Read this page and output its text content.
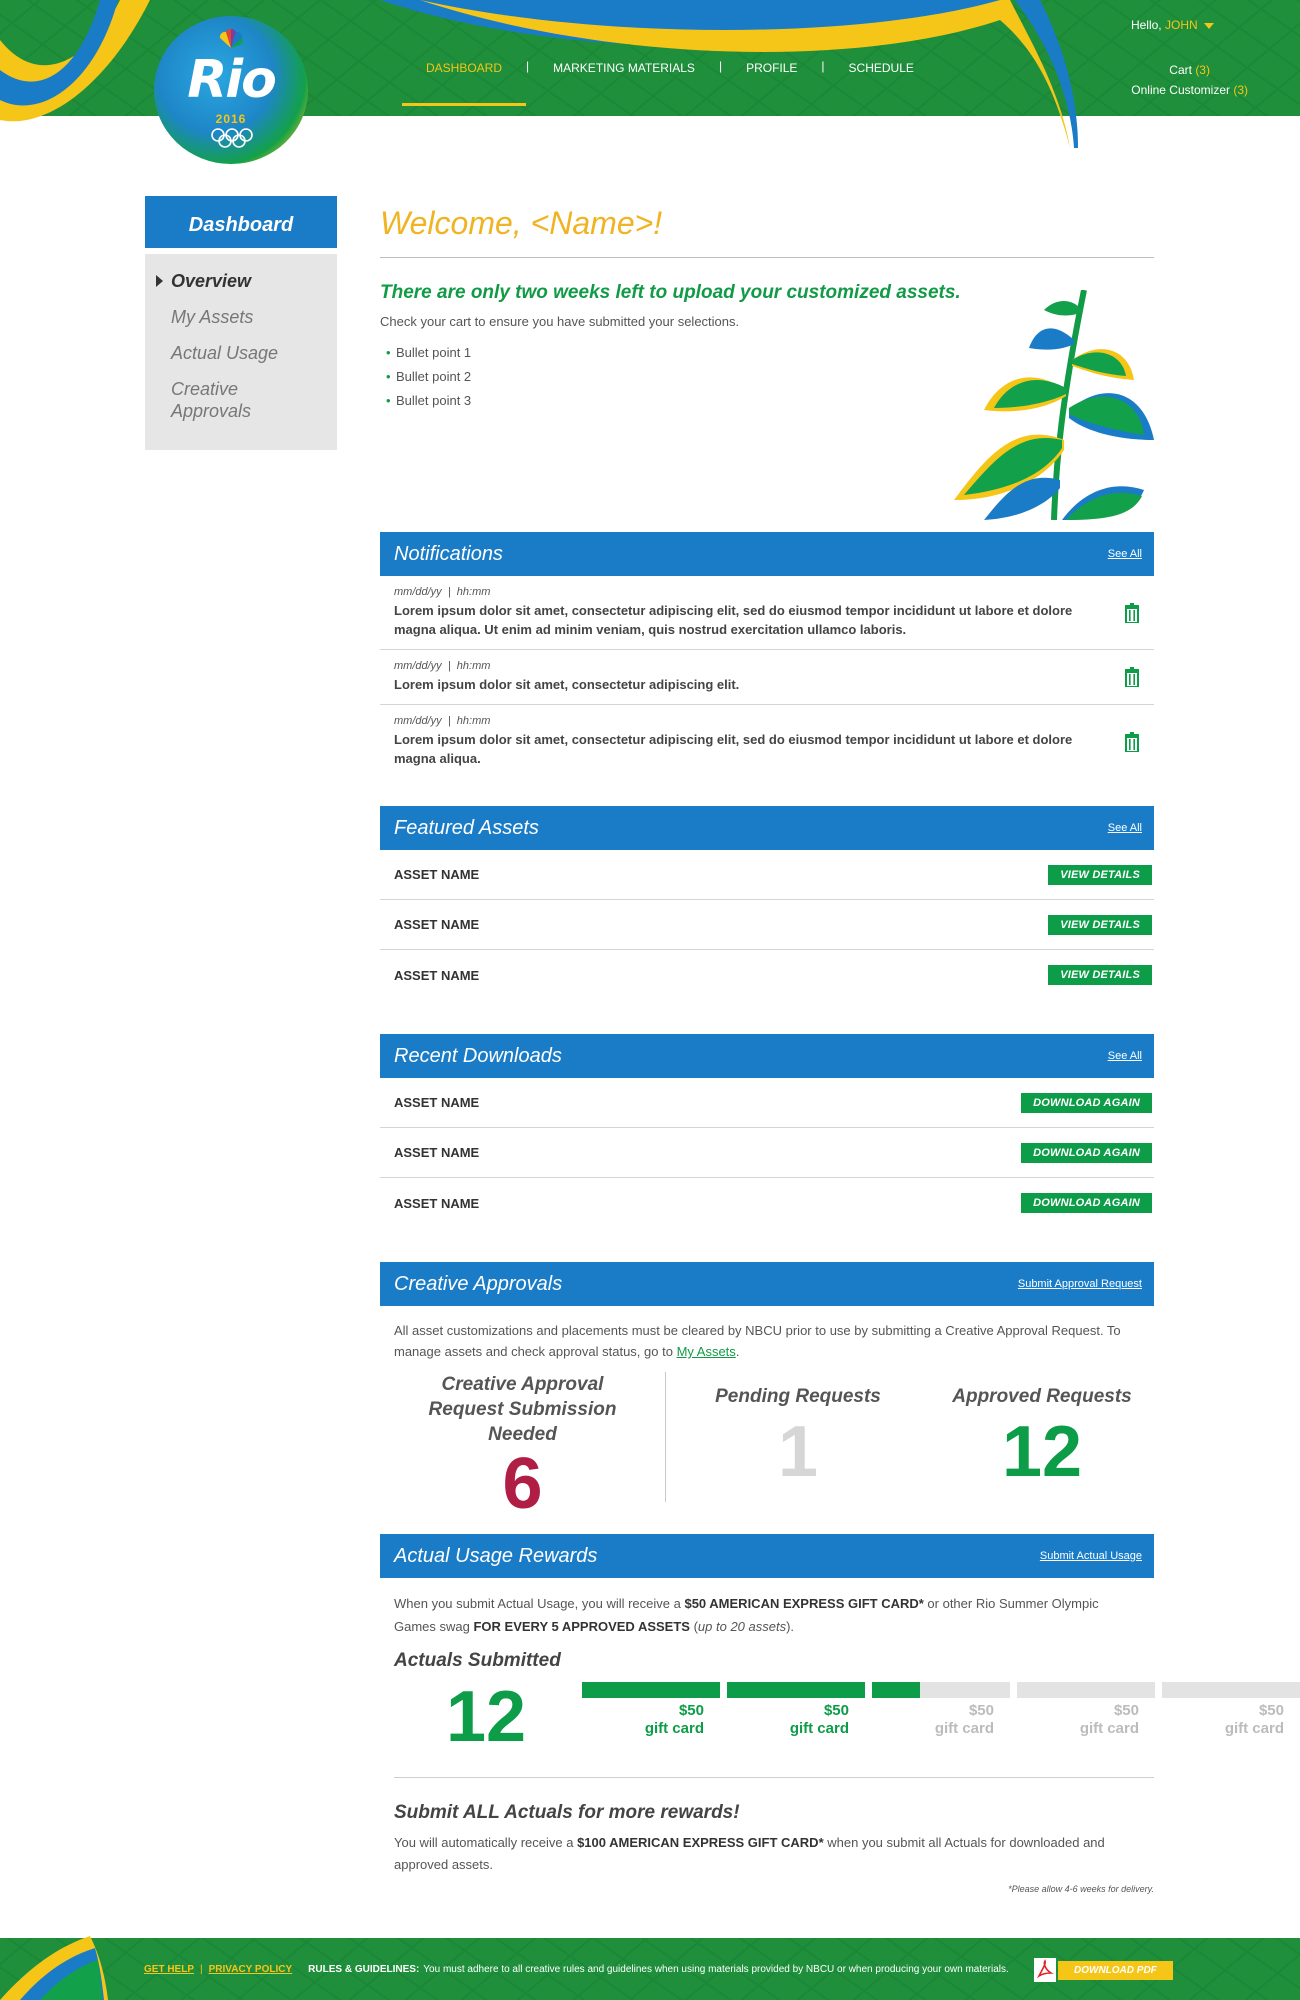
Rio
2016
DASHBOARD	|	MARKETING MATERIALS	|	PROFILE	|	SCHEDULE
Hello, JOHN
Cart (3)
Online Customizer (3)
Dashboard
Overview
My Assets
Actual Usage
Creative Approvals
Welcome, <Name>!
There are only two weeks left to upload your customized assets.
Check your cart to ensure you have submitted your selections.
• Bullet point 1
• Bullet point 2
• Bullet point 3
Notifications	See All
mm/dd/yy | hh:mm
Lorem ipsum dolor sit amet, consectetur adipiscing elit, sed do eiusmod tempor incididunt ut labore et dolore magna aliqua. Ut enim ad minim veniam, quis nostrud exercitation ullamco laboris.
mm/dd/yy | hh:mm
Lorem ipsum dolor sit amet, consectetur adipiscing elit.
mm/dd/yy | hh:mm
Lorem ipsum dolor sit amet, consectetur adipiscing elit, sed do eiusmod tempor incididunt ut labore et dolore magna aliqua.
Featured Assets	See All
ASSET NAME	VIEW DETAILS
ASSET NAME	VIEW DETAILS
ASSET NAME	VIEW DETAILS
Recent Downloads	See All
ASSET NAME	DOWNLOAD AGAIN
ASSET NAME	DOWNLOAD AGAIN
ASSET NAME	DOWNLOAD AGAIN
Creative Approvals	Submit Approval Request
All asset customizations and placements must be cleared by NBCU prior to use by submitting a Creative Approval Request. To manage assets and check approval status, go to My Assets.
Creative Approval Request Submission Needed
6
Pending Requests
1
Approved Requests
12
Actual Usage Rewards	Submit Actual Usage
When you submit Actual Usage, you will receive a $50 AMERICAN EXPRESS GIFT CARD* or other Rio Summer Olympic Games swag FOR EVERY 5 APPROVED ASSETS (up to 20 assets).
Actuals Submitted
12	$50
gift card
$50
gift card
$50
gift card
$50
gift card
$50
gift card
Submit ALL Actuals for more rewards!
You will automatically receive a $100 AMERICAN EXPRESS GIFT CARD* when you submit all Actuals for downloaded and approved assets.
*Please allow 4-6 weeks for delivery.
GET HELP | PRIVACY POLICY RULES & GUIDELINES: You must adhere to all creative rules and guidelines when using materials provided by NBCU or when producing your own materials.	DOWNLOAD PDF
